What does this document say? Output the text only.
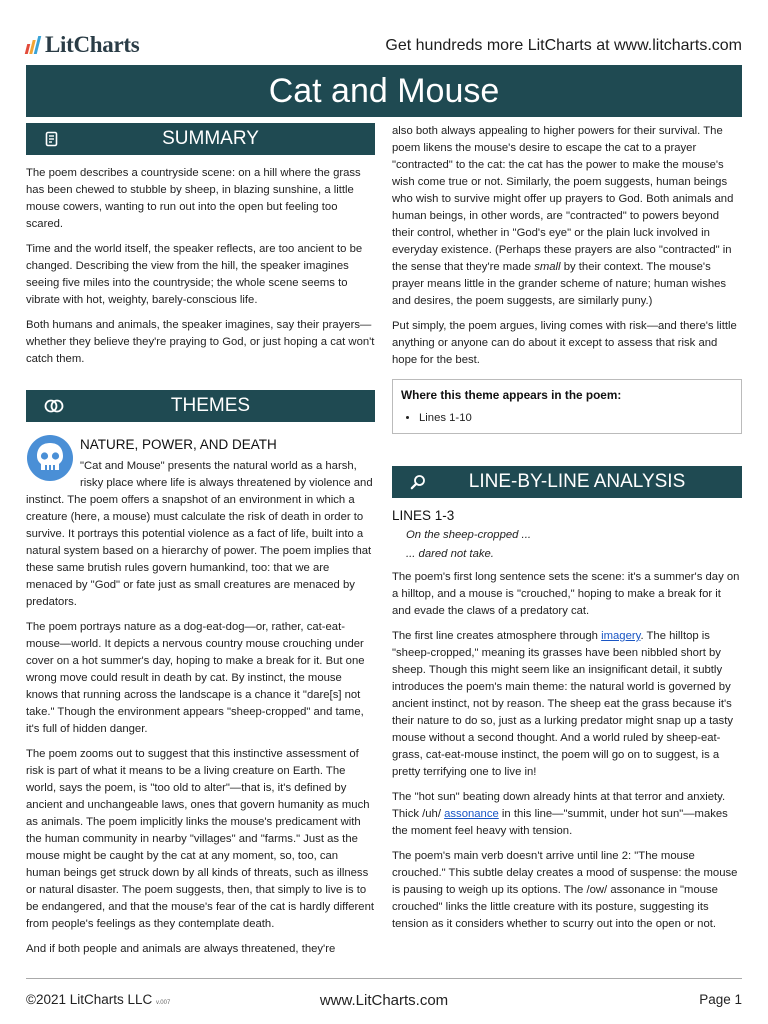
LitCharts	Get hundreds more LitCharts at www.litcharts.com
Cat and Mouse
SUMMARY

The poem describes a countryside scene: on a hill where the grass has been chewed to stubble by sheep, in blazing sunshine, a little mouse cowers, wanting to run out into the open but feeling too scared.

Time and the world itself, the speaker reflects, are too ancient to be changed. Describing the view from the hill, the speaker imagines seeing five miles into the countryside; the whole scene seems to vibrate with hot, weighty, barely-conscious life.

Both humans and animals, the speaker imagines, say their prayers—whether they believe they're praying to God, or just hoping a cat won't catch them.

THEMES

NATURE, POWER, AND DEATH

"Cat and Mouse" presents the natural world as a harsh, risky place where life is always threatened by violence and instinct. The poem offers a snapshot of an environment in which a creature (here, a mouse) must calculate the risk of death in order to survive. It portrays this potential violence as a fact of life, built into a natural system based on a hierarchy of power. The poem implies that these same brutish rules govern humankind, too: that we are menaced by "God" or fate just as small creatures are menaced by predators.

The poem portrays nature as a dog-eat-dog—or, rather, cat-eat-mouse—world. It depicts a nervous country mouse crouching under cover on a hot summer's day, hoping to make a break for it. But one wrong move could result in death by cat. By instinct, the mouse knows that running across the landscape is a chance it "dare[s] not take." Though the environment appears "sheep-cropped" and tame, it's full of hidden danger.

The poem zooms out to suggest that this instinctive assessment of risk is part of what it means to be a living creature on Earth. The world, says the poem, is "too old to alter"—that is, it's defined by ancient and unchangeable laws, ones that govern humanity as much as animals. The poem implicitly links the mouse's predicament with the human community in nearby "villages" and "farms." Just as the mouse might be caught by the cat at any moment, so, too, can human beings get struck down by all kinds of threats, such as illness or natural disaster. The poem suggests, then, that simply to live is to be endangered, and that the mouse's fear of the cat is hardly different from people's feelings as they contemplate death.

And if both people and animals are always threatened, they're

also both always appealing to higher powers for their survival. The poem likens the mouse's desire to escape the cat to a prayer "contracted" to the cat: the cat has the power to make the mouse's wish come true or not. Similarly, the poem suggests, human beings who wish to survive might offer up prayers to God. Both animals and human beings, in other words, are "contracted" to powers beyond their control, whether in "God's eye" or the plain luck involved in everyday existence. (Perhaps these prayers are also "contracted" in the sense that they're made small by their context. The mouse's prayer means little in the grander scheme of nature; human wishes and desires, the poem suggests, are similarly puny.)

Put simply, the poem argues, living comes with risk—and there's little anything or anyone can do about it except to assess that risk and hope for the best.

Where this theme appears in the poem:

• Lines 1-10
LINE-BY-LINE ANALYSIS

LINES 1-3

On the sheep-cropped ...

... dared not take.

The poem's first long sentence sets the scene: it's a summer's day on a hilltop, and a mouse is "crouched," hoping to make a break for it and evade the claws of a predatory cat.

The first line creates atmosphere through imagery. The hilltop is "sheep-cropped," meaning its grasses have been nibbled short by sheep. Though this might seem like an insignificant detail, it subtly introduces the poem's main theme: the natural world is governed by ancient instinct, not by reason. The sheep eat the grass because it's their nature to do so, just as a lurking predator might snap up a tasty mouse without a second thought. And a world ruled by sheep-eat-grass, cat-eat-mouse instinct, the poem will go on to suggest, is a pretty terrifying one to live in!

The "hot sun" beating down already hints at that terror and anxiety. Thick /uh/ assonance in this line—"summit, under hot sun"—makes the moment feel heavy with tension.

The poem's main verb doesn't arrive until line 2: "The mouse crouched." This subtle delay creates a mood of suspense: the mouse is pausing to weigh up its options. The /ow/ assonance in "mouse crouched" links the little creature with its posture, suggesting its tension as it considers whether to scurry out into the open or not.

©2021 LitCharts LLC v.007	www.LitCharts.com	Page 1
